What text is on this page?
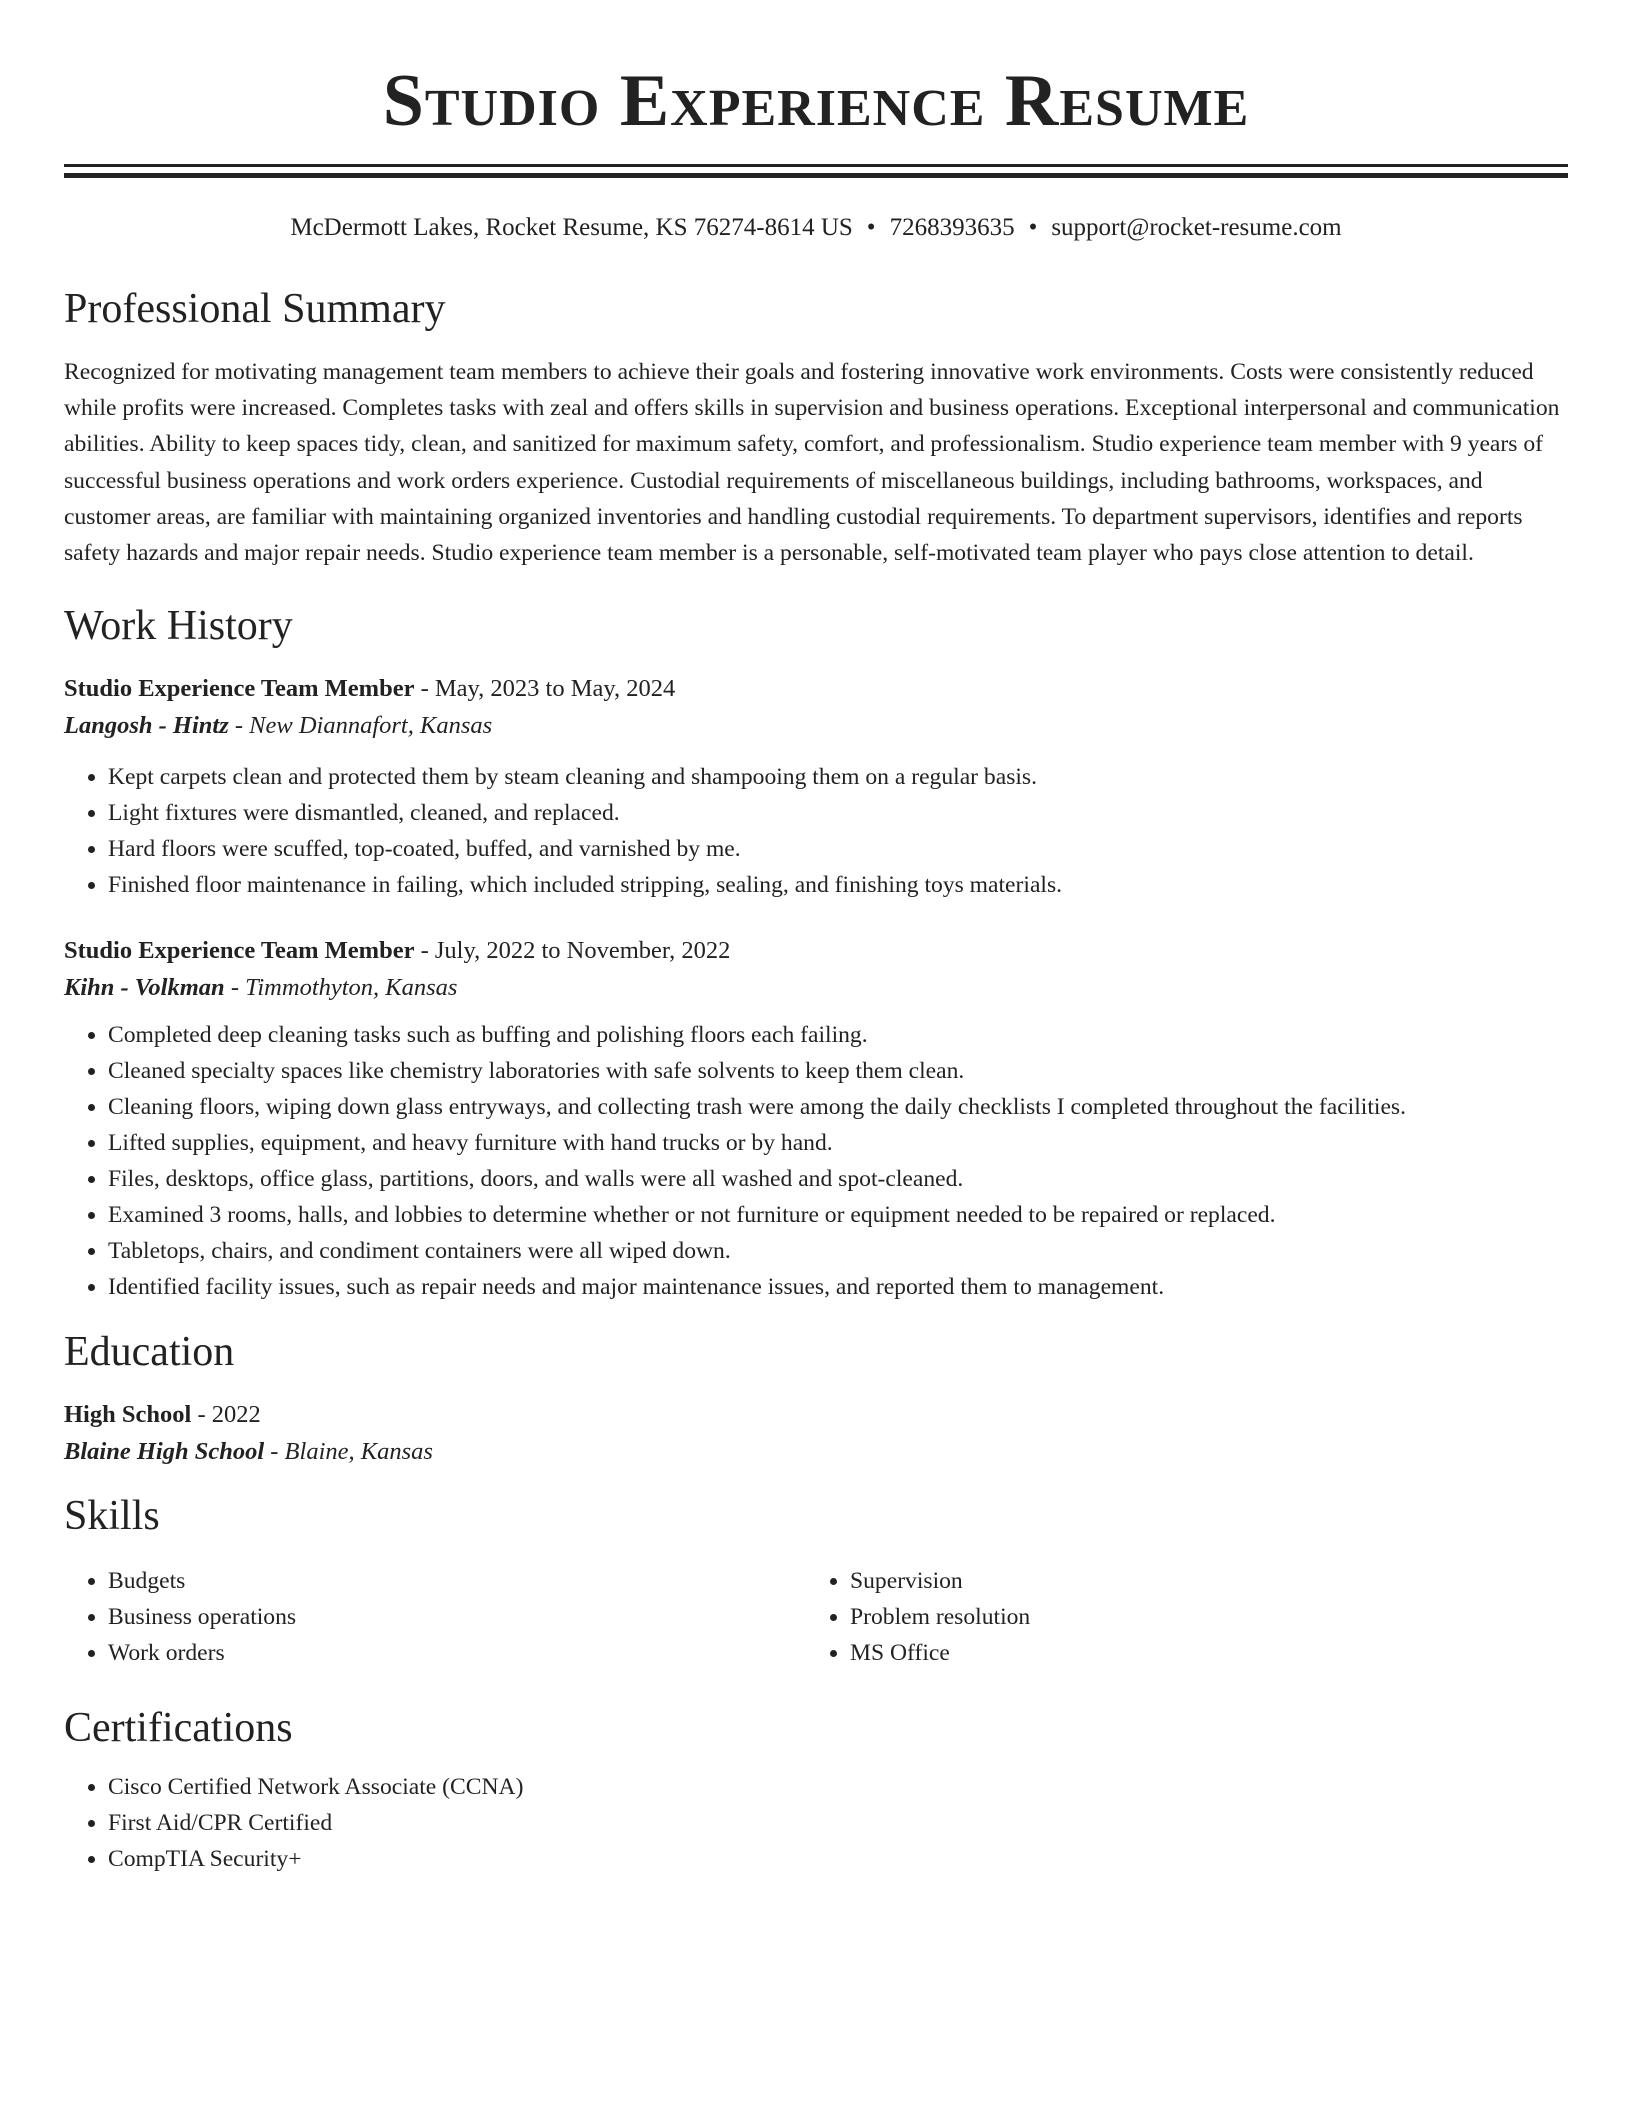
Studio Experience Resume
McDermott Lakes, Rocket Resume, KS 76274-8614 US • 7268393635 • support@rocket-resume.com
Professional Summary
Recognized for motivating management team members to achieve their goals and fostering innovative work environments. Costs were consistently reduced while profits were increased. Completes tasks with zeal and offers skills in supervision and business operations. Exceptional interpersonal and communication abilities. Ability to keep spaces tidy, clean, and sanitized for maximum safety, comfort, and professionalism. Studio experience team member with 9 years of successful business operations and work orders experience. Custodial requirements of miscellaneous buildings, including bathrooms, workspaces, and customer areas, are familiar with maintaining organized inventories and handling custodial requirements. To department supervisors, identifies and reports safety hazards and major repair needs. Studio experience team member is a personable, self-motivated team player who pays close attention to detail.
Work History
Studio Experience Team Member - May, 2023 to May, 2024
Langosh - Hintz - New Diannafort, Kansas
• Kept carpets clean and protected them by steam cleaning and shampooing them on a regular basis.
• Light fixtures were dismantled, cleaned, and replaced.
• Hard floors were scuffed, top-coated, buffed, and varnished by me.
• Finished floor maintenance in failing, which included stripping, sealing, and finishing toys materials.
Studio Experience Team Member - July, 2022 to November, 2022
Kihn - Volkman - Timmothyton, Kansas
• Completed deep cleaning tasks such as buffing and polishing floors each failing.
• Cleaned specialty spaces like chemistry laboratories with safe solvents to keep them clean.
• Cleaning floors, wiping down glass entryways, and collecting trash were among the daily checklists I completed throughout the facilities.
• Lifted supplies, equipment, and heavy furniture with hand trucks or by hand.
• Files, desktops, office glass, partitions, doors, and walls were all washed and spot-cleaned.
• Examined 3 rooms, halls, and lobbies to determine whether or not furniture or equipment needed to be repaired or replaced.
• Tabletops, chairs, and condiment containers were all wiped down.
• Identified facility issues, such as repair needs and major maintenance issues, and reported them to management.
Education
High School - 2022
Blaine High School - Blaine, Kansas
Skills
• Budgets
• Business operations
• Work orders
• Supervision
• Problem resolution
• MS Office
Certifications
• Cisco Certified Network Associate (CCNA)
• First Aid/CPR Certified
• CompTIA Security+
